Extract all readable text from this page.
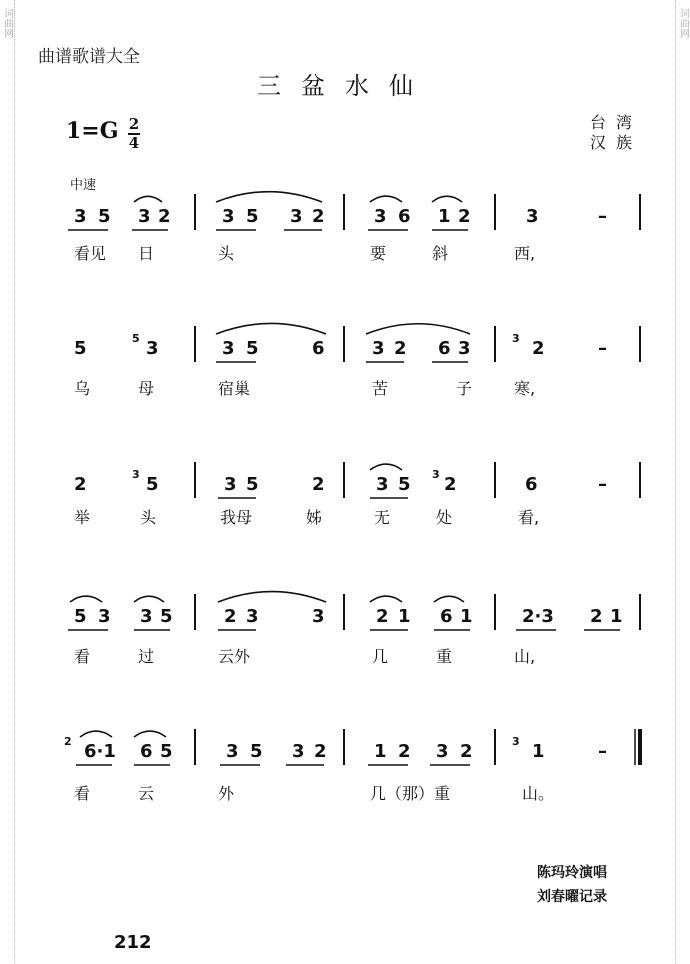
词曲网	词曲网
曲谱歌谱大全
三盆水仙
1=G 2
4
台湾
汉族
中速
3 5 3 2	3 5 3 2	3 6 1 2	3	–
5	3	3 5	6	3 2 6 3	2	–
5	3
2	5	3 5	2	3 5 2	6	–
3	3
5 3 3 5	2 3	3	2 1 6 1	2·3 2 1
6·1 6 5	3 5 3 2	1 2 3 2	1	–
2	3
看见 日	头	要	斜	西,
乌	母	宿巢	苦	子	寒,
举	头	我母	姊	无	处	看,
看	过	云外	几	重	山,
看	云	外	几（那）重	山。
陈玛玲演唱
刘春曜记录
212
